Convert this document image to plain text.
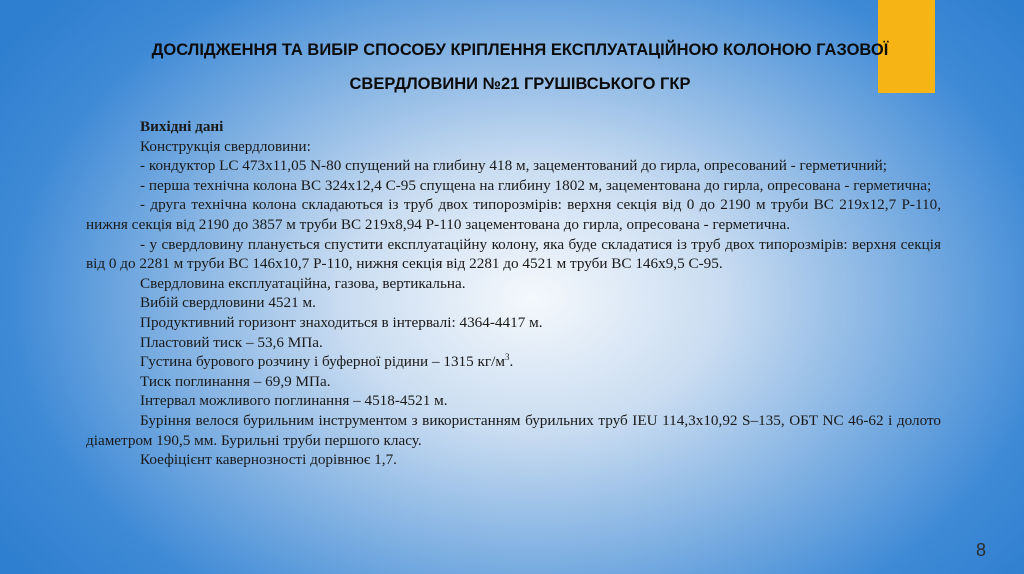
ДОСЛІДЖЕННЯ ТА ВИБІР СПОСОБУ КРІПЛЕННЯ ЕКСПЛУАТАЦІЙНОЮ КОЛОНОЮ ГАЗОВОЇ
СВЕРДЛОВИНИ №21 ГРУШІВСЬКОГО ГКР

Вихідні дані

Конструкція свердловини:

- кондуктор LC 473х11,05 N-80 спущений на глибину 418 м, зацементований до гирла, опресований - герметичний;

- перша технічна колона BC 324х12,4 С-95 спущена на глибину 1802 м, зацементована до гирла, опресована - герметична;

- друга технічна колона складаються із труб двох типорозмірів: верхня секція від 0 до 2190 м труби BC 219х12,7 Р-110, нижня секція від 2190 до 3857 м труби BC 219х8,94 Р-110 зацементована до гирла, опресована - герметична.

- у свердловину планується спустити експлуатаційну колону, яка буде складатися із труб двох типорозмірів: верхня секція від 0 до 2281 м труби BC 146х10,7 Р-110, нижня секція від 2281 до 4521 м труби BC 146х9,5 С-95.

Свердловина експлуатаційна, газова, вертикальна.

Вибій свердловини 4521 м.

Продуктивний горизонт знаходиться в інтервалі: 4364-4417 м.

Пластовий тиск – 53,6 МПа.

Густина бурового розчину і буферної рідини – 1315 $кг/м^3$.

Тиск поглинання – 69,9 МПа.

Інтервал можливого поглинання – 4518-4521 м.

Буріння велося бурильним інструментом з використанням бурильних труб IEU 114,3х10,92 S–135, ОБТ NC 46-62 і долото діаметром 190,5 мм. Бурильні труби першого класу.

Коефіцієнт кавернозності дорівнює 1,7.

8
